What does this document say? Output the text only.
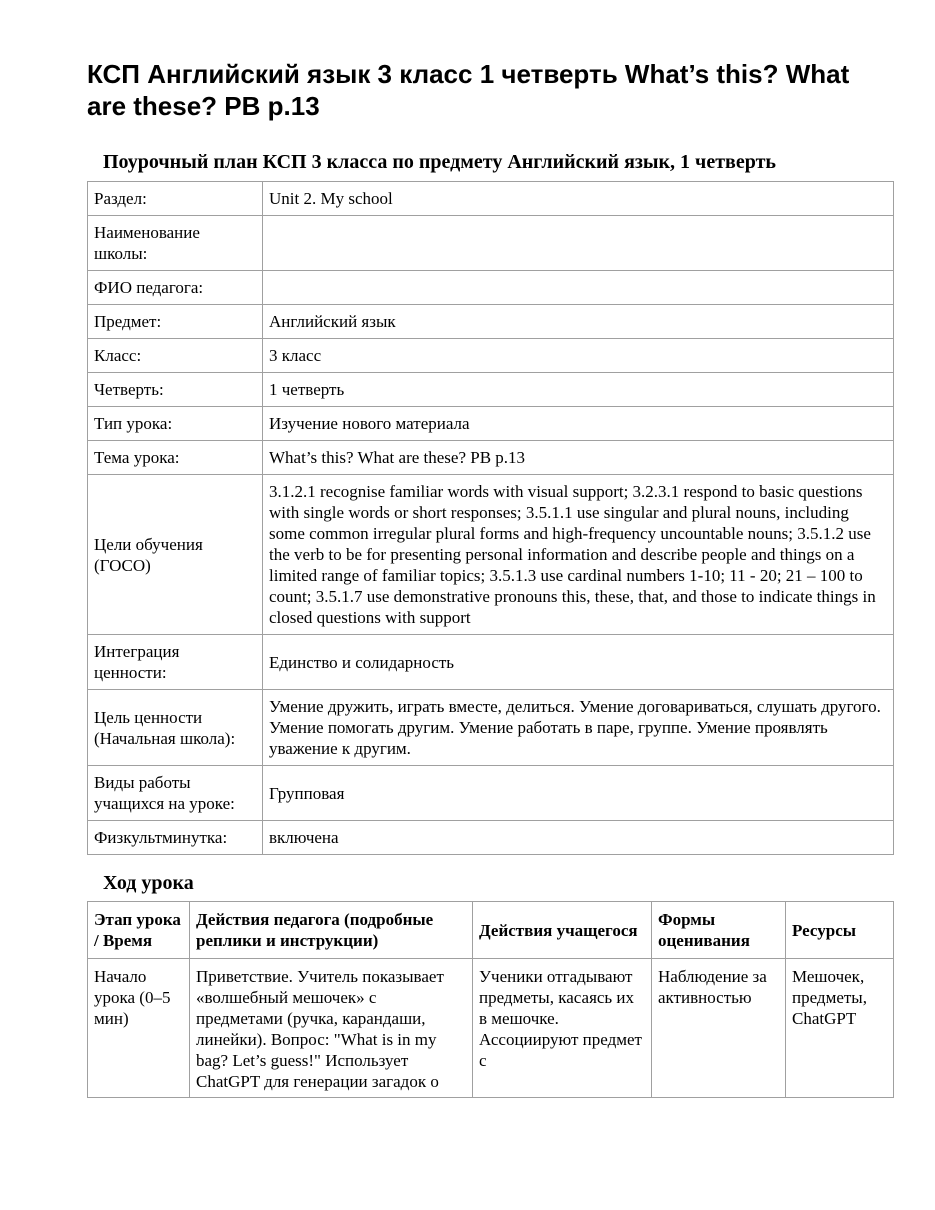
КСП Английский язык 3 класс 1 четверть What’s this? What are these? PB p.13
Поурочный план КСП 3 класса по предмету Английский язык, 1 четверть
Раздел:	Unit 2. My school
Наименование школы:	
ФИО педагога:	
Предмет:	Английский язык
Класс:	3 класс
Четверть:	1 четверть
Тип урока:	Изучение нового материала
Тема урока:	What’s this? What are these? PB p.13
Цели обучения (ГОСО)	3.1.2.1 recognise familiar words with visual support; 3.2.3.1 respond to basic questions with single words or short responses; 3.5.1.1 use singular and plural nouns, including some common irregular plural forms and high-frequency uncountable nouns; 3.5.1.2 use the verb to be for presenting personal information and describe people and things on a limited range of familiar topics; 3.5.1.3 use cardinal numbers 1-10; 11 - 20; 21 – 100 to count; 3.5.1.7 use demonstrative pronouns this, these, that, and those to indicate things in closed questions with support
Интеграция ценности:	Единство и солидарность
Цель ценности (Начальная школа):	Умение дружить, играть вместе, делиться. Умение договариваться, слушать другого. Умение помогать другим. Умение работать в паре, группе. Умение проявлять уважение к другим.
Виды работы учащихся на уроке:	Групповая
Физкультминутка:	включена
Ход урока
Этап урока / Время	Действия педагога (подробные реплики и инструкции)	Действия учащегося	Формы оценивания	Ресурсы

Начало урока (0–5 мин)	Приветствие. Учитель показывает «волшебный мешочек» с предметами (ручка, карандаши, линейки). Вопрос: "What is in my bag? Let’s guess!" Использует ChatGPT для генерации загадок о	Ученики отгадывают предметы, касаясь их в мешочке. Ассоциируют предмет с	Наблюдение за активностью	Мешочек, предметы, ChatGPT
